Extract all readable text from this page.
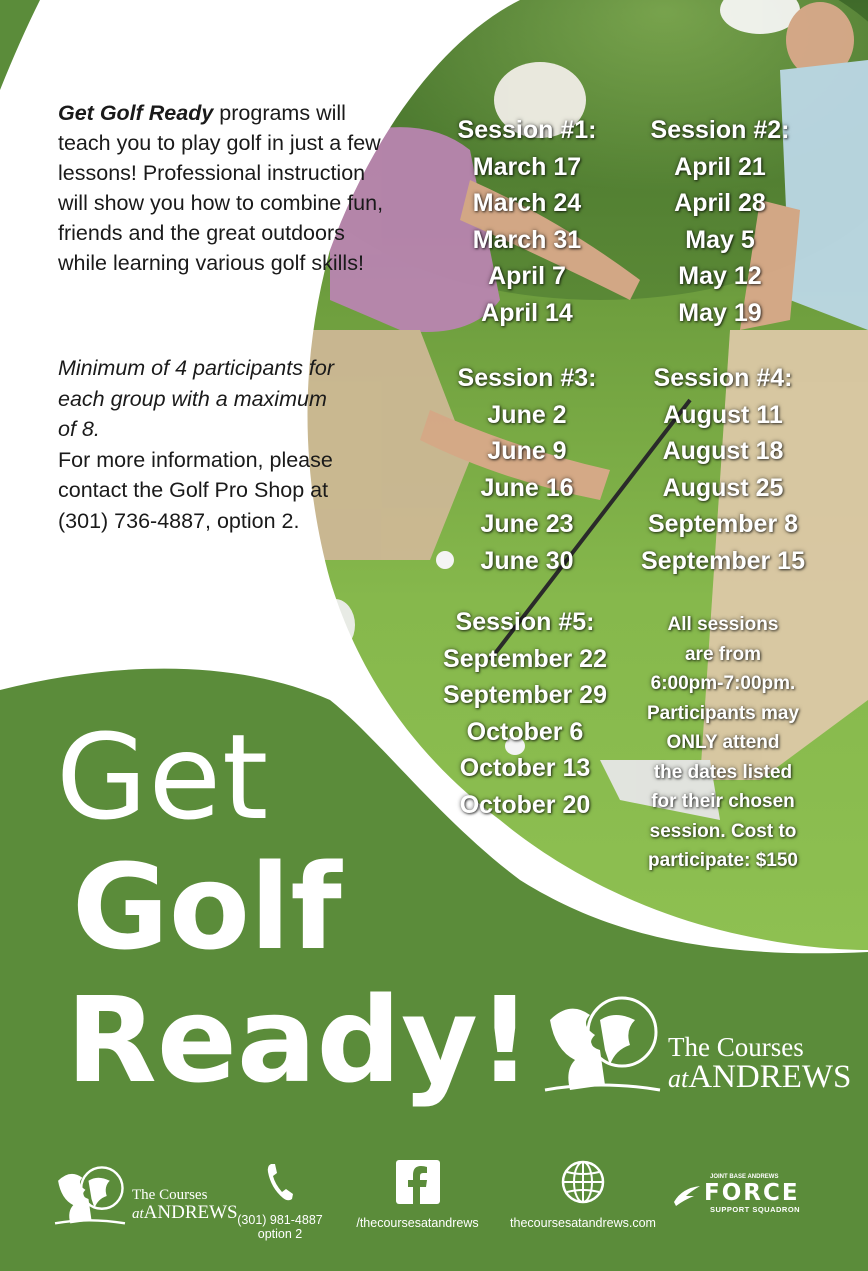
Get Golf Ready programs will teach you to play golf in just a few lessons! Professional instruction will show you how to combine fun, friends and the great outdoors while learning various golf skills!
Minimum of 4 participants for each group with a maximum of 8.
For more information, please contact the Golf Pro Shop at (301) 736-4887, option 2.
Session #1:
March 17
March 24
March 31
April 7
April 14
Session #2:
April 21
April 28
May 5
May 12
May 19
Session #3:
June 2
June 9
June 16
June 23
June 30
Session #4:
August 11
August 18
August 25
September 8
September 15
Session #5:
September 22
September 29
October 6
October 13
October 20
All sessions
are from
6:00pm-7:00pm.
Participants may
ONLY attend
the dates listed
for their chosen
session. Cost to
participate: $150
Get
Golf
Ready!	The Courses
atANDREWS
The Courses
atANDREWS (301) 981-4887
option 2
/thecoursesatandrews	thecoursesatandrews.com
JOINT BASE ANDREWS
FORCE
SUPPORT SQUADRON
